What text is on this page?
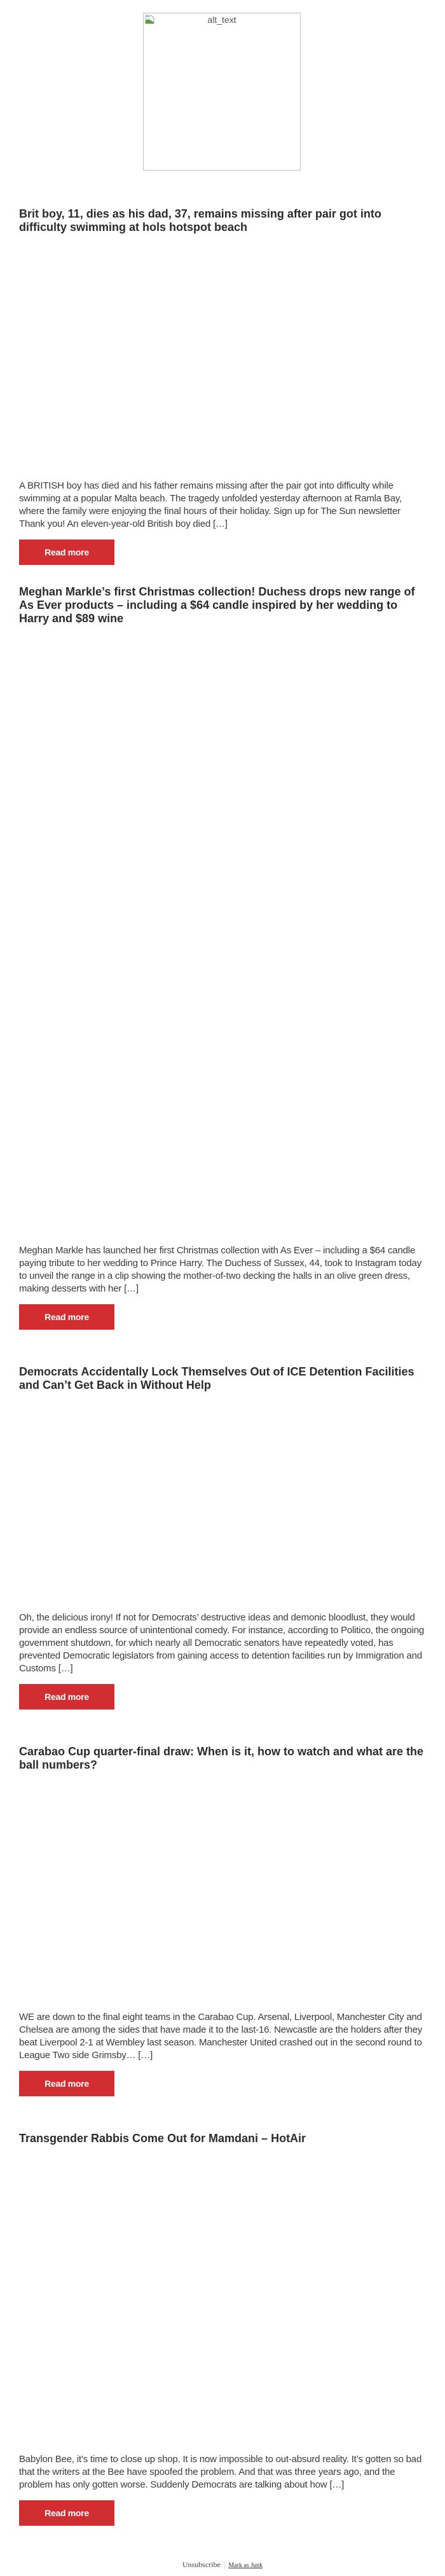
alt_text
Brit boy, 11, dies as his dad, 37, remains missing after pair got into difficulty swimming at hols hotspot beach

A BRITISH boy has died and his father remains missing after the pair got into difficulty while swimming at a popular Malta beach. The tragedy unfolded yesterday afternoon at Ramla Bay, where the family were enjoying the final hours of their holiday. Sign up for The Sun newsletter Thank you! An eleven-year-old British boy died […]

Read more
Meghan Markle’s first Christmas collection! Duchess drops new range of As Ever products – including a $64 candle inspired by her wedding to Harry and $89 wine

Meghan Markle has launched her first Christmas collection with As Ever – including a $64 candle paying tribute to her wedding to Prince Harry. The Duchess of Sussex, 44, took to Instagram today to unveil the range in a clip showing the mother-of-two decking the halls in an olive green dress, making desserts with her […]

Read more
Democrats Accidentally Lock Themselves Out of ICE Detention Facilities and Can’t Get Back in Without Help

Oh, the delicious irony! If not for Democrats’ destructive ideas and demonic bloodlust, they would provide an endless source of unintentional comedy. For instance, according to Politico, the ongoing government shutdown, for which nearly all Democratic senators have repeatedly voted, has prevented Democratic legislators from gaining access to detention facilities run by Immigration and Customs […]

Read more
Carabao Cup quarter-final draw: When is it, how to watch and what are the ball numbers?

WE are down to the final eight teams in the Carabao Cup. Arsenal, Liverpool, Manchester City and Chelsea are among the sides that have made it to the last-16. Newcastle are the holders after they beat Liverpool 2-1 at Wembley last season. Manchester United crashed out in the second round to League Two side Grimsby… […]

Read more
Transgender Rabbis Come Out for Mamdani – HotAir

Babylon Bee, it’s time to close up shop. It is now impossible to out-absurd reality. It’s gotten so bad that the writers at the Bee have spoofed the problem. And that was three years ago, and the problem has only gotten worse. Suddenly Democrats are talking about how […]

Read more
Unsubscribe | Mark as Junk
